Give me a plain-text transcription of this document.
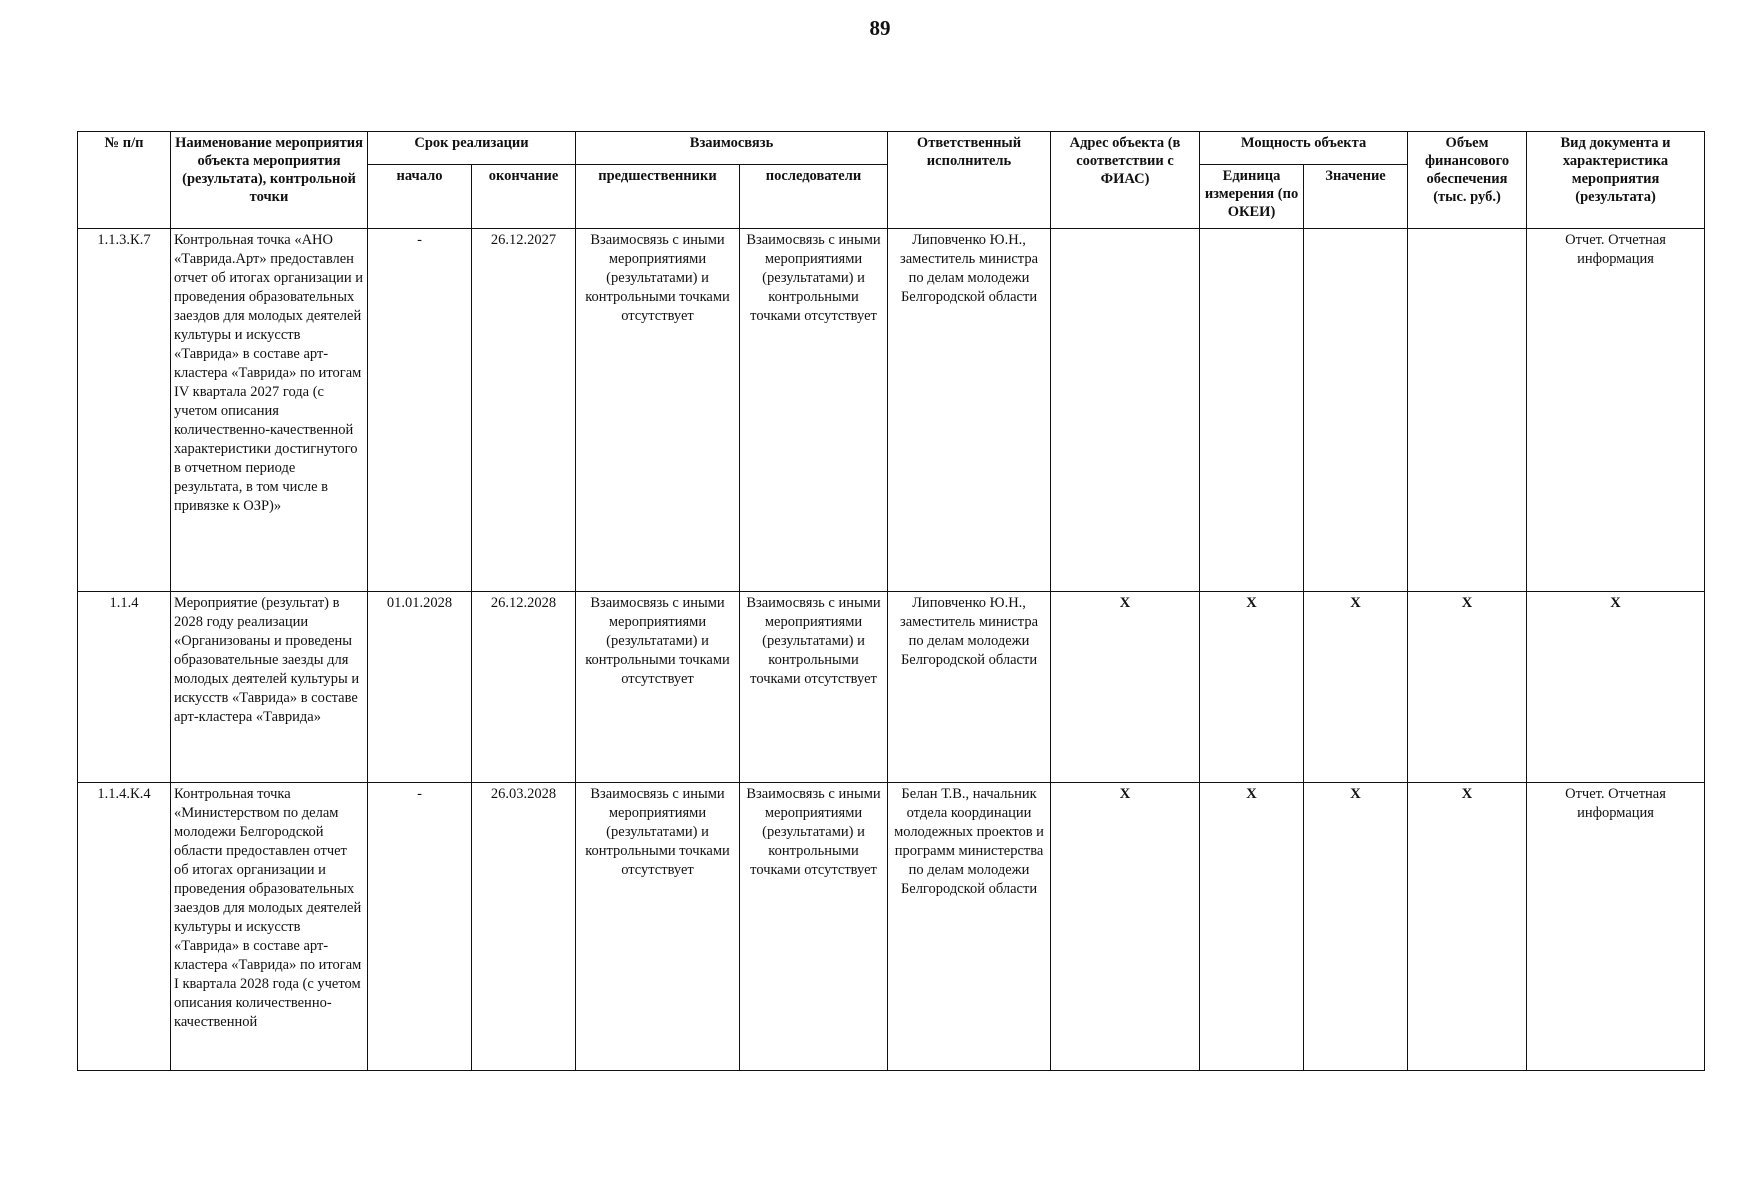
89
№ п/п	Наименование мероприятия объекта мероприятия (результата), контрольной точки	Срок реализации		Взаимосвязь		Ответственный исполнитель	Адрес объекта (в соответствии с ФИАС)	Мощность объекта		Объем финансового обеспечения (тыс. руб.)	Вид документа и характеристика мероприятия (результата)
		начало	окончание	предшественники	последователи			Единица измерения (по ОКЕИ)	Значение		
1.1.3.К.7	Контрольная точка «АНО «Таврида.Арт» предоставлен отчет об итогах организации и проведения образовательных заездов для молодых деятелей культуры и искусств «Таврида» в составе арт-кластера «Таврида» по итогам IV квартала 2027 года (с учетом описания количественно-качественной характеристики достигнутого в отчетном периоде результата, в том числе в привязке к ОЗР)»	-	26.12.2027	Взаимосвязь с иными мероприятиями (результатами) и контрольными точками отсутствует	Взаимосвязь с иными мероприятиями (результатами) и контрольными точками отсутствует	Липовченко Ю.Н., заместитель министра по делам молодежи Белгородской области					Отчет. Отчетная информация
1.1.4	Мероприятие (результат) в 2028 году реализации «Организованы и проведены образовательные заезды для молодых деятелей культуры и искусств «Таврида» в составе арт-кластера «Таврида»	01.01.2028	26.12.2028	Взаимосвязь с иными мероприятиями (результатами) и контрольными точками отсутствует	Взаимосвязь с иными мероприятиями (результатами) и контрольными точками отсутствует	Липовченко Ю.Н., заместитель министра по делам молодежи Белгородской области	X	X	X	X	X
1.1.4.К.4	Контрольная точка «Министерством по делам молодежи Белгородской области предоставлен отчет об итогах организации и проведения образовательных заездов для молодых деятелей культуры и искусств «Таврида» в составе арт-кластера «Таврида» по итогам I квартала 2028 года (с учетом описания количественно-качественной	-	26.03.2028	Взаимосвязь с иными мероприятиями (результатами) и контрольными точками отсутствует	Взаимосвязь с иными мероприятиями (результатами) и контрольными точками отсутствует	Белан Т.В., начальник отдела координации молодежных проектов и программ министерства по делам молодежи Белгородской области	X	X	X	X	Отчет. Отчетная информация
